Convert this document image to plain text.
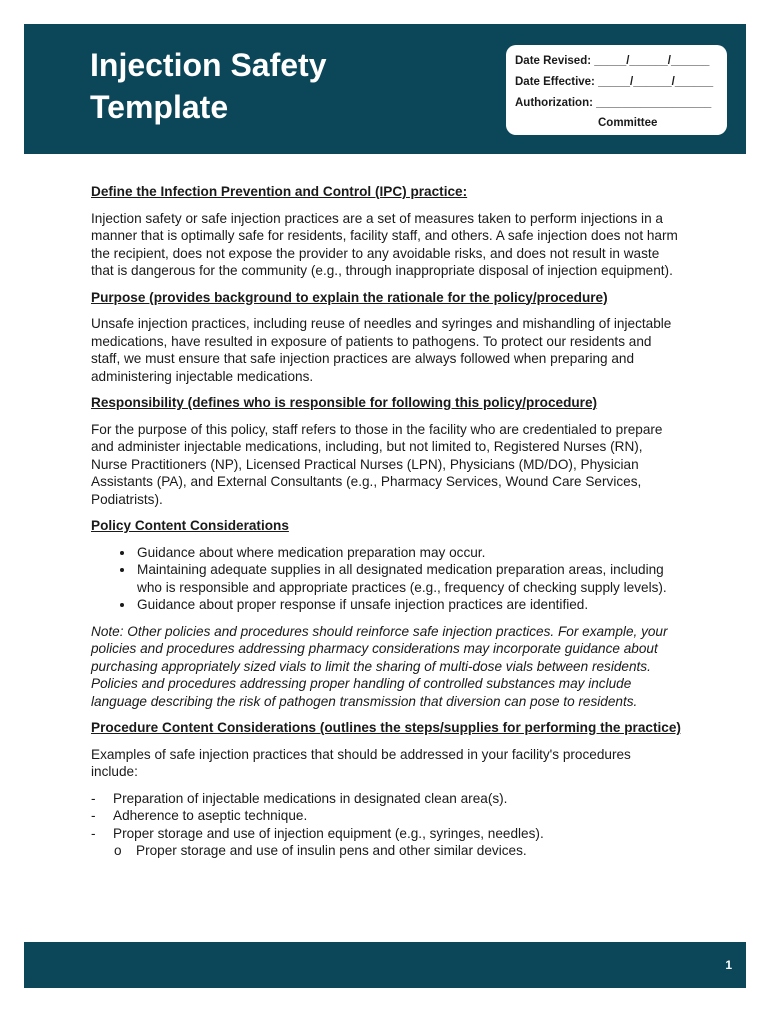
Injection Safety
Template
Date Revised: _____/______/______
Date Effective: _____/______/______
Authorization: __________________
Committee

Define the Infection Prevention and Control (IPC) practice:

Injection safety or safe injection practices are a set of measures taken to perform injections in a manner that is optimally safe for residents, facility staff, and others. A safe injection does not harm the recipient, does not expose the provider to any avoidable risks, and does not result in waste that is dangerous for the community (e.g., through inappropriate disposal of injection equipment).

Purpose (provides background to explain the rationale for the policy/procedure)

Unsafe injection practices, including reuse of needles and syringes and mishandling of injectable medications, have resulted in exposure of patients to pathogens. To protect our residents and staff, we must ensure that safe injection practices are always followed when preparing and administering injectable medications.

Responsibility (defines who is responsible for following this policy/procedure)

For the purpose of this policy, staff refers to those in the facility who are credentialed to prepare and administer injectable medications, including, but not limited to, Registered Nurses (RN), Nurse Practitioners (NP), Licensed Practical Nurses (LPN), Physicians (MD/DO), Physician Assistants (PA), and External Consultants (e.g., Pharmacy Services, Wound Care Services, Podiatrists).

Policy Content Considerations

• Guidance about where medication preparation may occur.
• Maintaining adequate supplies in all designated medication preparation areas, including who is responsible and appropriate practices (e.g., frequency of checking supply levels).
• Guidance about proper response if unsafe injection practices are identified.

Note: Other policies and procedures should reinforce safe injection practices. For example, your policies and procedures addressing pharmacy considerations may incorporate guidance about purchasing appropriately sized vials to limit the sharing of multi-dose vials between residents. Policies and procedures addressing proper handling of controlled substances may include language describing the risk of pathogen transmission that diversion can pose to residents.

Procedure Content Considerations (outlines the steps/supplies for performing the practice)

Examples of safe injection practices that should be addressed in your facility's procedures include:

- Preparation of injectable medications in designated clean area(s).
- Adherence to aseptic technique.
- Proper storage and use of injection equipment (e.g., syringes, needles).
o Proper storage and use of insulin pens and other similar devices.
1
